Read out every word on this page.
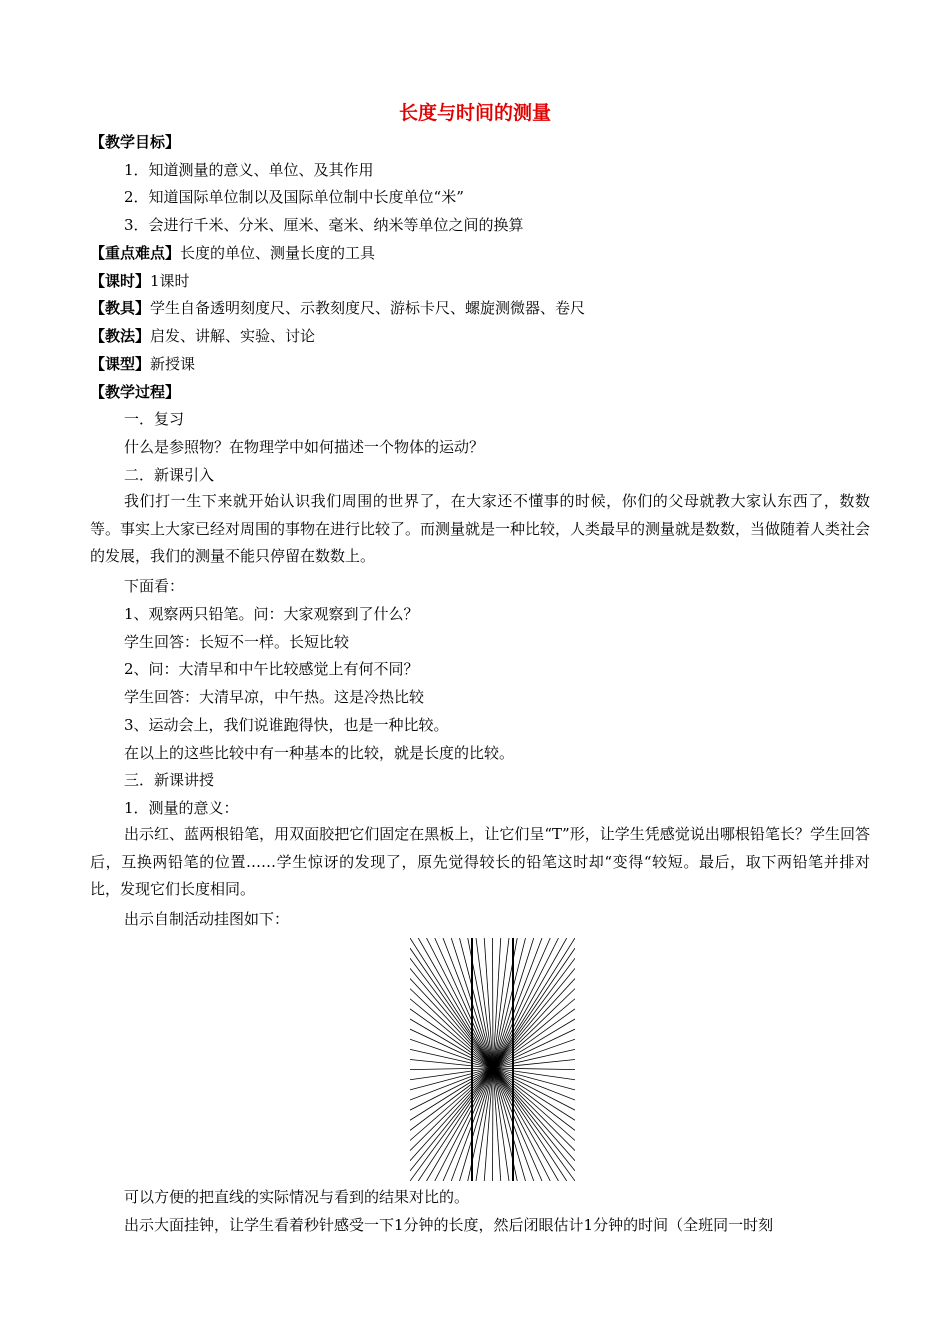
长度与时间的测量
【教学目标】
1．知道测量的意义、单位、及其作用
2．知道国际单位制以及国际单位制中长度单位“米”
3．会进行千米、分米、厘米、毫米、纳米等单位之间的换算
【重点难点】长度的单位、测量长度的工具
【课时】1课时
【教具】学生自备透明刻度尺、示教刻度尺、游标卡尺、螺旋测微器、卷尺
【教法】启发、讲解、实验、讨论
【课型】新授课
【教学过程】
一．复习
什么是参照物？在物理学中如何描述一个物体的运动？
二．新课引入
我们打一生下来就开始认识我们周围的世界了，在大家还不懂事的时候，你们的父母就教大家认东西了，数数等。事实上大家已经对周围的事物在进行比较了。而测量就是一种比较，人类最早的测量就是数数，当做随着人类社会的发展，我们的测量不能只停留在数数上。
下面看：
1、观察两只铅笔。问：大家观察到了什么？
学生回答：长短不一样。长短比较
2、问：大清早和中午比较感觉上有何不同？
学生回答：大清早凉，中午热。这是冷热比较
3、运动会上，我们说谁跑得快，也是一种比较。
在以上的这些比较中有一种基本的比较，就是长度的比较。
三．新课讲授
1．测量的意义：
出示红、蓝两根铅笔，用双面胶把它们固定在黑板上，让它们呈“T”形，让学生凭感觉说出哪根铅笔长？学生回答后，互换两铅笔的位置……学生惊讶的发现了，原先觉得较长的铅笔这时却“变得“较短。最后，取下两铅笔并排对比，发现它们长度相同。
出示自制活动挂图如下：
可以方便的把直线的实际情况与看到的结果对比的。
出示大面挂钟，让学生看着秒针感受一下1分钟的长度，然后闭眼估计1分钟的时间（全班同一时刻
